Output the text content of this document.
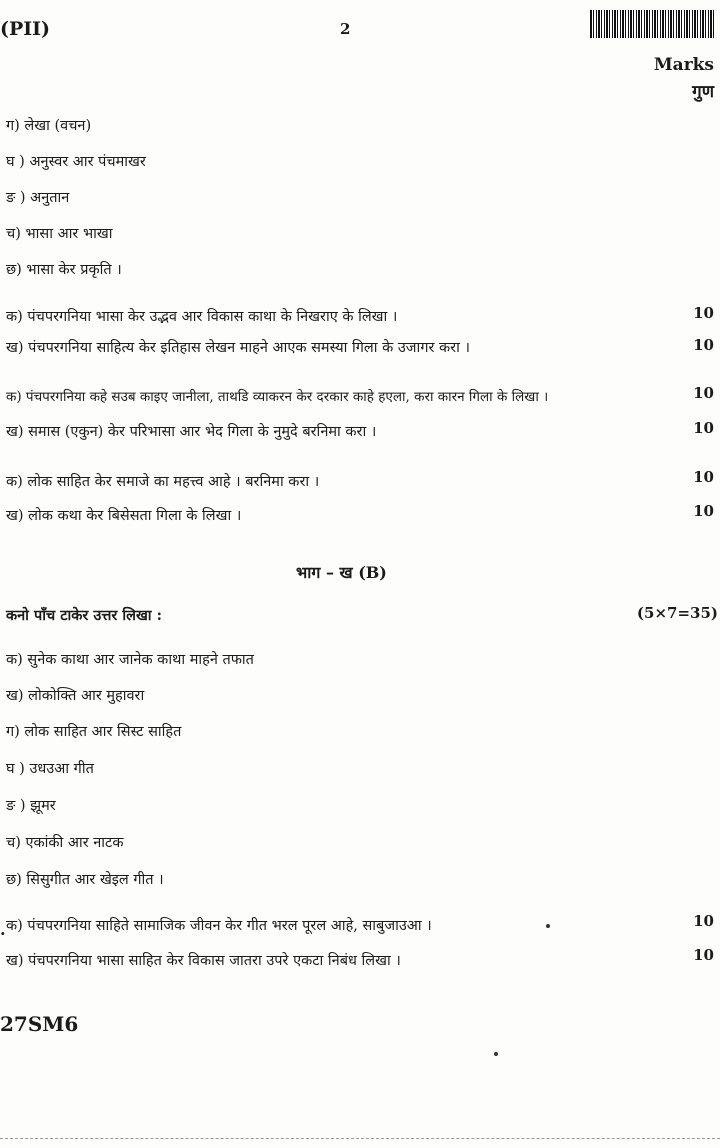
(PII)	2
Marks
गुण
ग) लेखा (वचन)
घ ) अनुस्वर आर पंचमाखर
ङ ) अनुतान
च) भासा आर भाखा
छ) भासा केर प्रकृति ।
क) पंचपरगनिया भासा केर उद्भव आर विकास काथा के निखराए के लिखा ।	10
ख) पंचपरगनिया साहित्य केर इतिहास लेखन माहने आएक समस्या गिला के उजागर करा ।	10
क) पंचपरगनिया कहे सउब काइए जानीला, ताथडि व्याकरन केर दरकार काहे हएला, करा कारन गिला के लिखा ।	10
ख) समास (एकुन) केर परिभासा आर भेद गिला के नुमुदे बरनिमा करा ।	10
क) लोक साहित केर समाजे का महत्त्व आहे । बरनिमा करा ।	10
ख) लोक कथा केर बिसेसता गिला के लिखा ।	10
भाग – ख (B)
कनो पाँच टाकेर उत्तर लिखा :	(5×7=35)
क) सुनेक काथा आर जानेक काथा माहने तफात
ख) लोकोक्ति आर मुहावरा
ग) लोक साहित आर सिस्ट साहित
घ ) उधउआ गीत
ङ ) झूमर
च) एकांकी आर नाटक
छ) सिसुगीत आर खेइल गीत ।
. क) पंचपरगनिया साहिते सामाजिक जीवन केर गीत भरल पूरल आहे, साबुजाउआ ।	10
ख) पंचपरगनिया भासा साहित केर विकास जातरा उपरे एकटा निबंध लिखा ।	10
27SM6
